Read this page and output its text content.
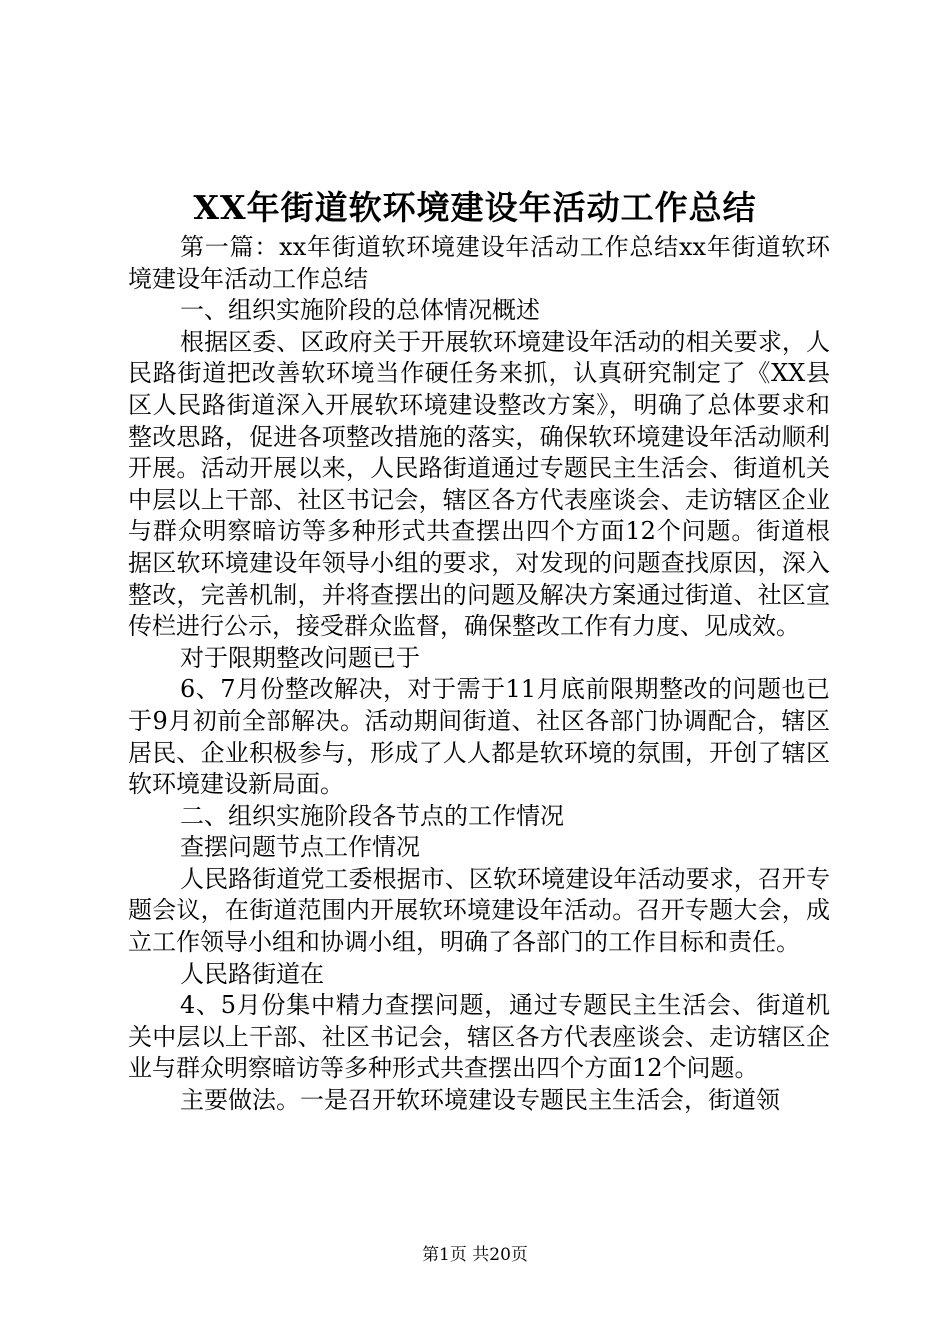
XX年街道软环境建设年活动工作总结

第一篇：xx年街道软环境建设年活动工作总结xx年街道软环境建设年活动工作总结

一、组织实施阶段的总体情况概述

根据区委、区政府关于开展软环境建设年活动的相关要求，人民路街道把改善软环境当作硬任务来抓，认真研究制定了《XX县区人民路街道深入开展软环境建设整改方案》，明确了总体要求和整改思路，促进各项整改措施的落实，确保软环境建设年活动顺利开展。活动开展以来，人民路街道通过专题民主生活会、街道机关中层以上干部、社区书记会，辖区各方代表座谈会、走访辖区企业与群众明察暗访等多种形式共查摆出四个方面12个问题。街道根据区软环境建设年领导小组的要求，对发现的问题查找原因，深入整改，完善机制，并将查摆出的问题及解决方案通过街道、社区宣传栏进行公示，接受群众监督，确保整改工作有力度、见成效。

对于限期整改问题已于

6、7月份整改解决，对于需于11月底前限期整改的问题也已于9月初前全部解决。活动期间街道、社区各部门协调配合，辖区居民、企业积极参与，形成了人人都是软环境的氛围，开创了辖区软环境建设新局面。

二、组织实施阶段各节点的工作情况

查摆问题节点工作情况

人民路街道党工委根据市、区软环境建设年活动要求，召开专题会议，在街道范围内开展软环境建设年活动。召开专题大会，成立工作领导小组和协调小组，明确了各部门的工作目标和责任。

人民路街道在

4、5月份集中精力查摆问题，通过专题民主生活会、街道机关中层以上干部、社区书记会，辖区各方代表座谈会、走访辖区企业与群众明察暗访等多种形式共查摆出四个方面12个问题。

主要做法。一是召开软环境建设专题民主生活会，街道领

第1页 共20页
